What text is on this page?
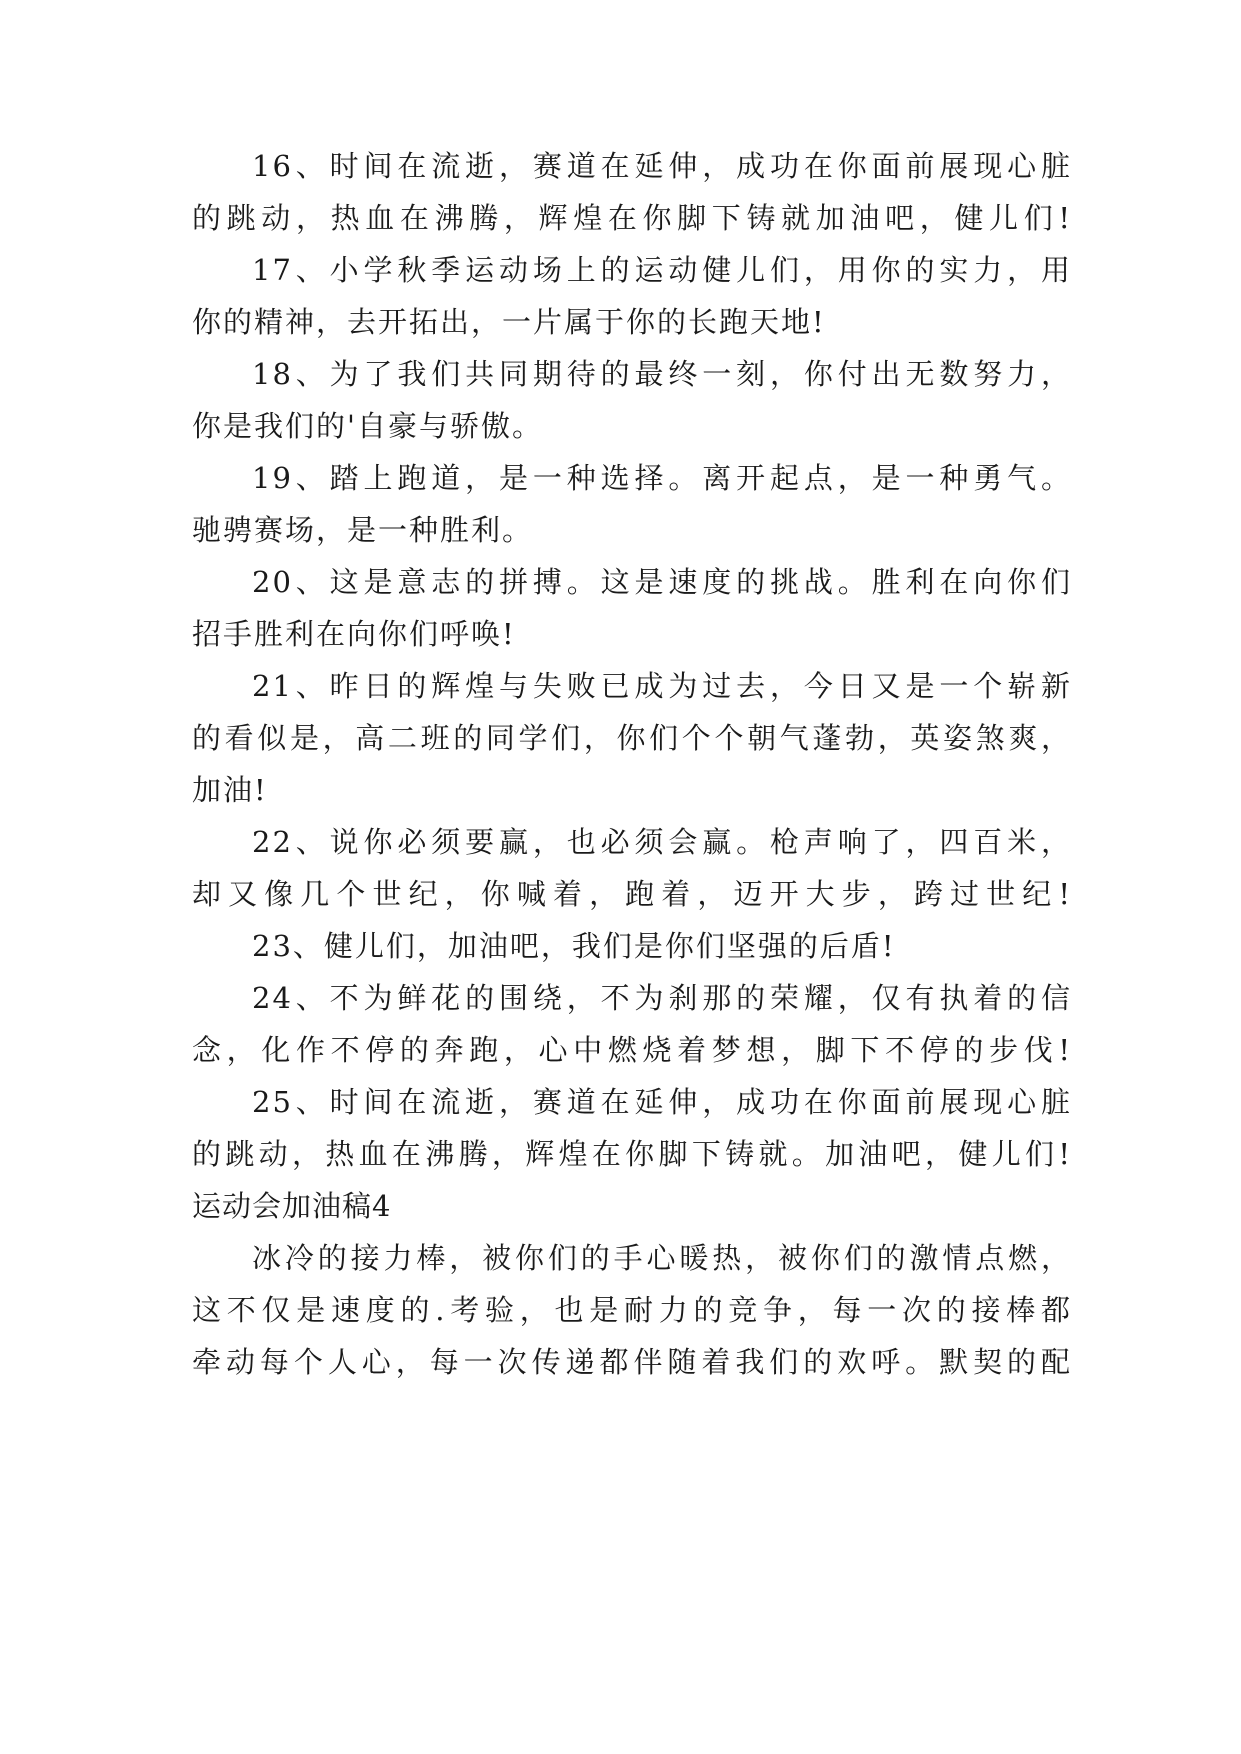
16、时间在流逝，赛道在延伸，成功在你面前展现心脏
的跳动，热血在沸腾，辉煌在你脚下铸就加油吧，健儿们!
17、小学秋季运动场上的运动健儿们，用你的实力，用
你的精神，去开拓出，一片属于你的长跑天地!
18、为了我们共同期待的最终一刻，你付出无数努力，
你是我们的'自豪与骄傲。
19、踏上跑道，是一种选择。离开起点，是一种勇气。
驰骋赛场，是一种胜利。
20、这是意志的拼搏。这是速度的挑战。胜利在向你们
招手胜利在向你们呼唤!
21、昨日的辉煌与失败已成为过去，今日又是一个崭新
的看似是，高二班的同学们，你们个个朝气蓬勃，英姿煞爽，
加油!
22、说你必须要赢，也必须会赢。枪声响了，四百米，
却又像几个世纪，你喊着，跑着，迈开大步，跨过世纪!
23、健儿们，加油吧，我们是你们坚强的后盾!
24、不为鲜花的围绕，不为刹那的荣耀，仅有执着的信
念，化作不停的奔跑，心中燃烧着梦想，脚下不停的步伐!
25、时间在流逝，赛道在延伸，成功在你面前展现心脏
的跳动，热血在沸腾，辉煌在你脚下铸就。加油吧，健儿们!
运动会加油稿4
冰冷的接力棒，被你们的手心暖热，被你们的激情点燃，
这不仅是速度的.考验，也是耐力的竞争，每一次的接棒都
牵动每个人心，每一次传递都伴随着我们的欢呼。默契的配
